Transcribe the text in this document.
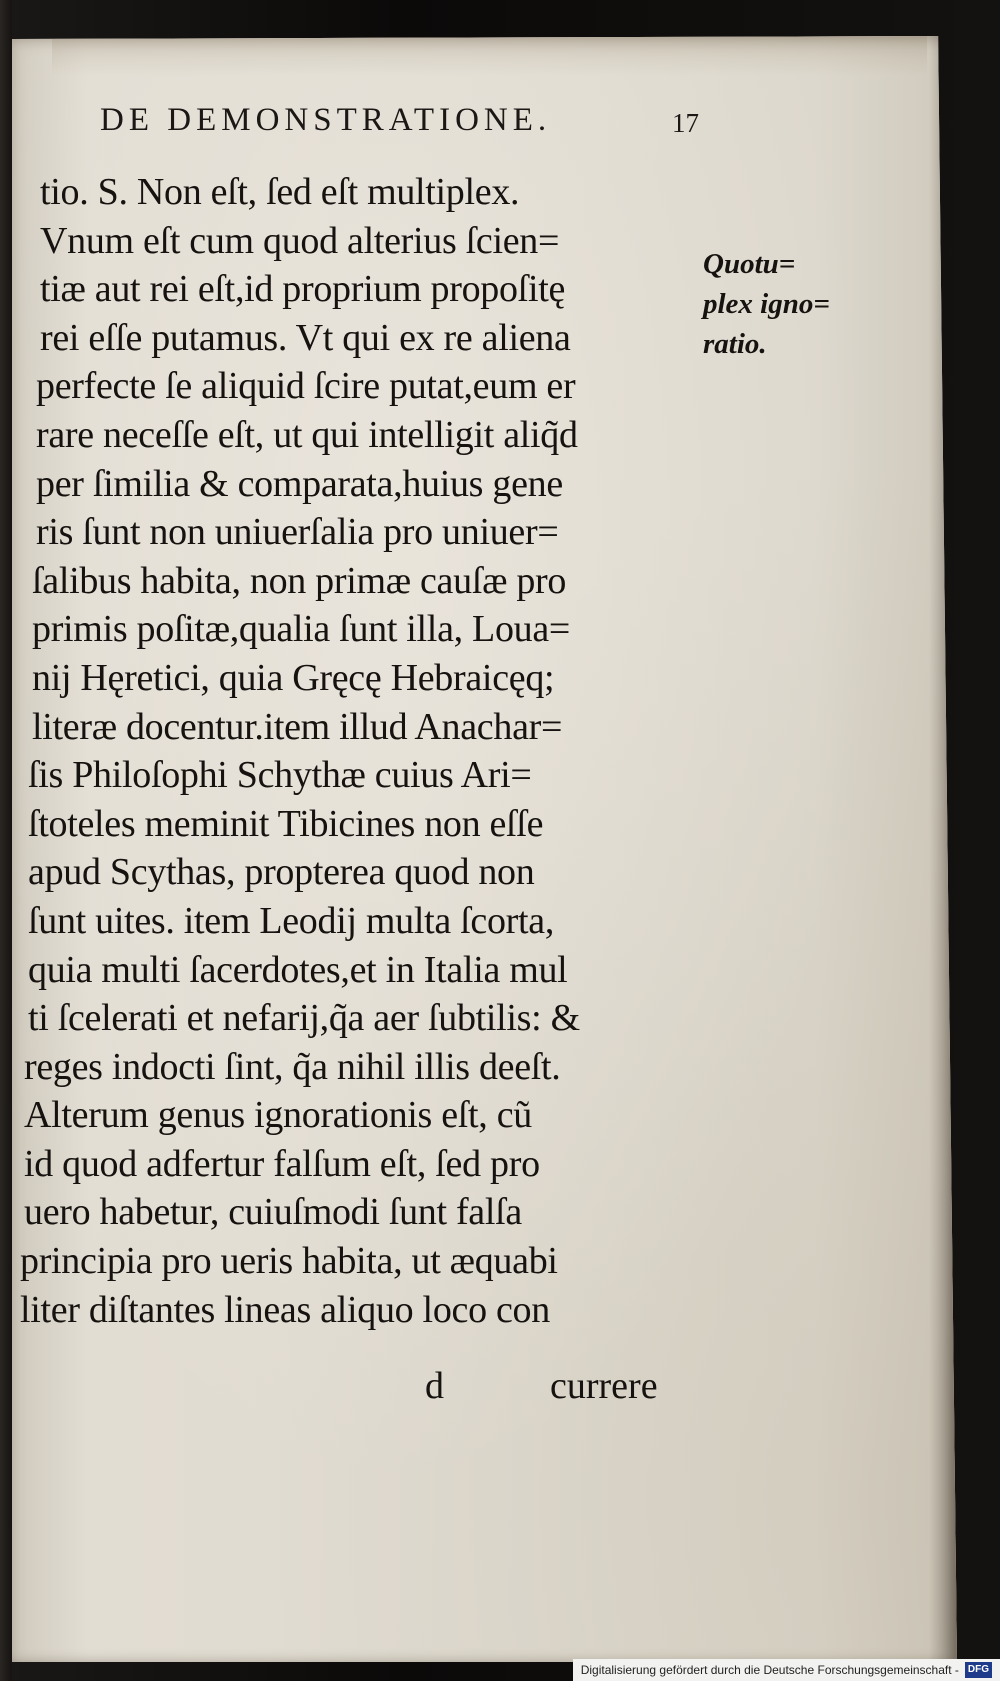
DE DEMONSTRATIONE.	17
tio. S. Non eſt, ſed eſt multiplex.
Vnum eſt cum quod alterius ſcien=
tiæ aut rei eſt,id proprium propoſitę
rei eſſe putamus. Vt qui ex re aliena
perfecte ſe aliquid ſcire putat,eum er
rare neceſſe eſt, ut qui intelligit aliq̃d
per ſimilia & comparata,huius gene
ris ſunt non uniuerſalia pro uniuer=
ſalibus habita, non primæ cauſæ pro
primis poſitæ,qualia ſunt illa, Loua=
nij Hęretici, quia Gręcę Hebraicęq;
literæ docentur.item illud Anachar=
ſis Philoſophi Schythæ cuius Ari=
ſtoteles meminit Tibicines non eſſe
apud Scythas, propterea quod non
ſunt uites. item Leodij multa ſcorta,
quia multi ſacerdotes,et in Italia mul
ti ſcelerati et nefarij,q̃a aer ſubtilis: &
reges indocti ſint, q̃a nihil illis deeſt.
Alterum genus ignorationis eſt, cũ
id quod adfertur falſum eſt, ſed pro
uero habetur, cuiuſmodi ſunt falſa
principia pro ueris habita, ut æquabi
liter diſtantes lineas aliquo loco con
d	currere
Quotu=
plex igno=
ratio.
Digitalisierung gefördert durch die Deutsche Forschungsgemeinschaft - DFG
